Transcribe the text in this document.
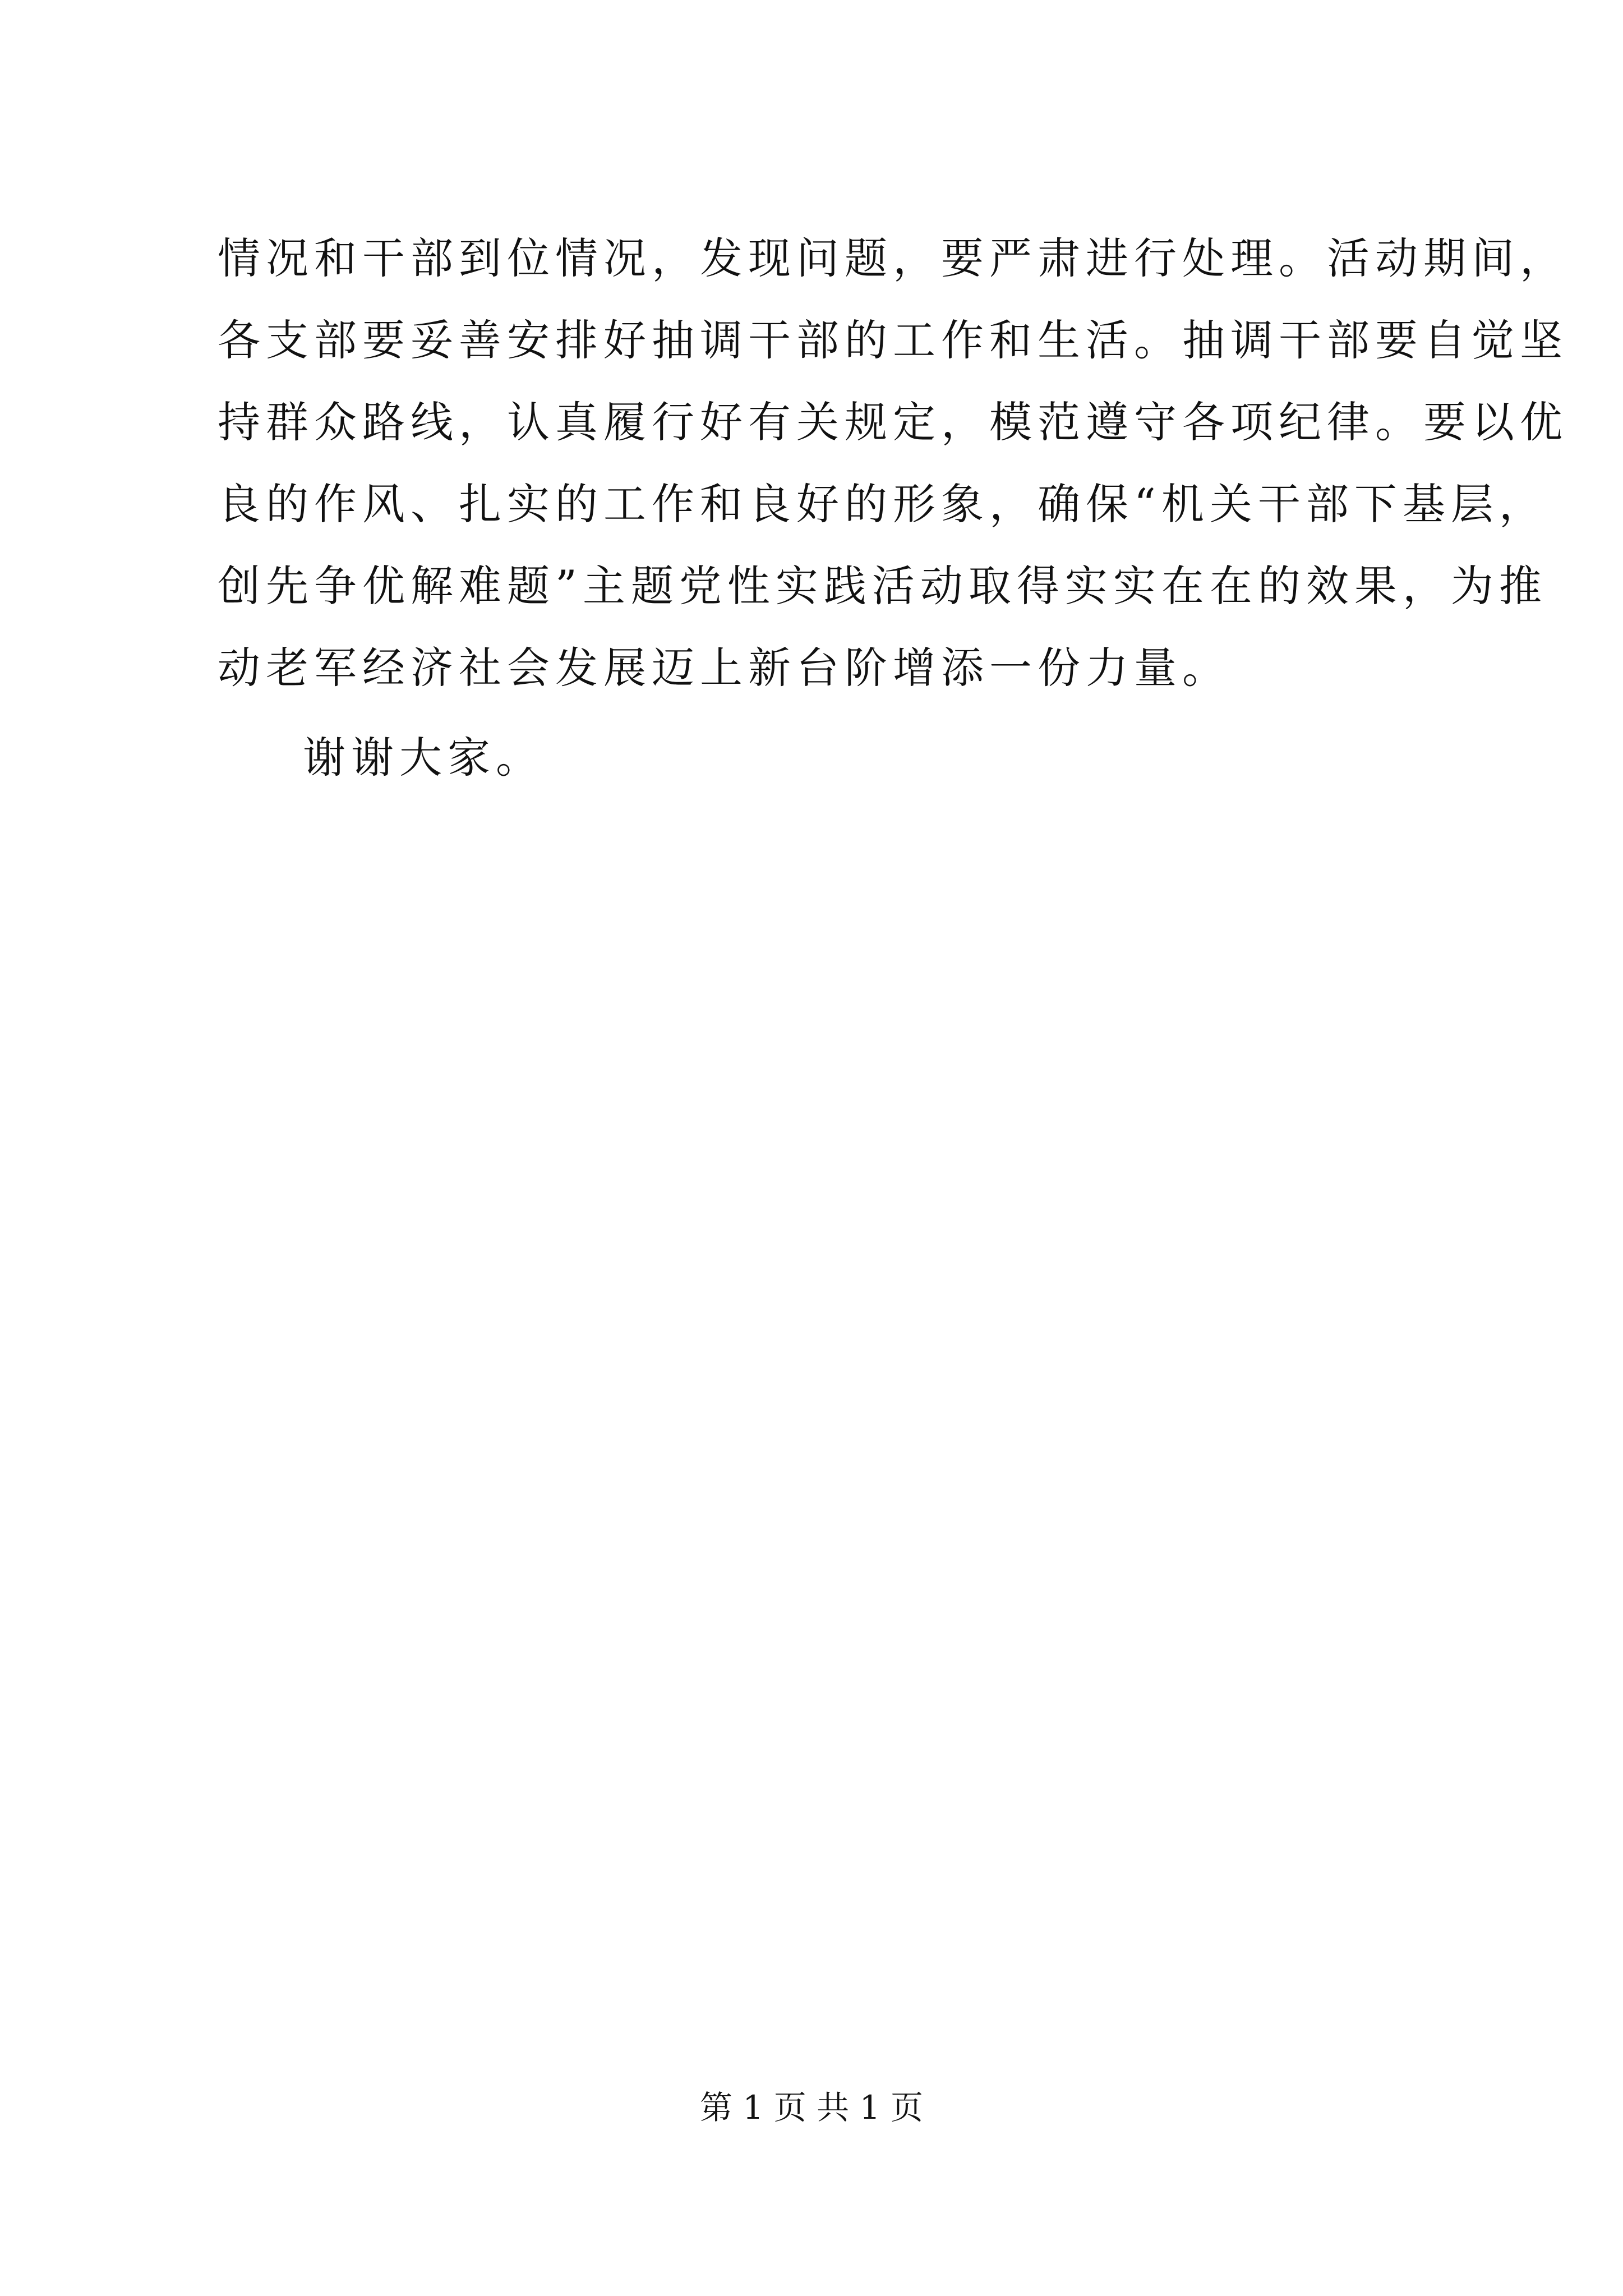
情况和干部到位情况，发现问题，要严肃进行处理。活动期间，
各支部要妥善安排好抽调干部的工作和生活。抽调干部要自觉坚
持群众路线，认真履行好有关规定，模范遵守各项纪律。要以优
良的作风、扎实的工作和良好的形象，确保“机关干部下基层，
创先争优解难题”主题党性实践活动取得实实在在的效果，为推
动老军经济社会发展迈上新台阶增添一份力量。
谢谢大家。
第 1 页 共 1 页
